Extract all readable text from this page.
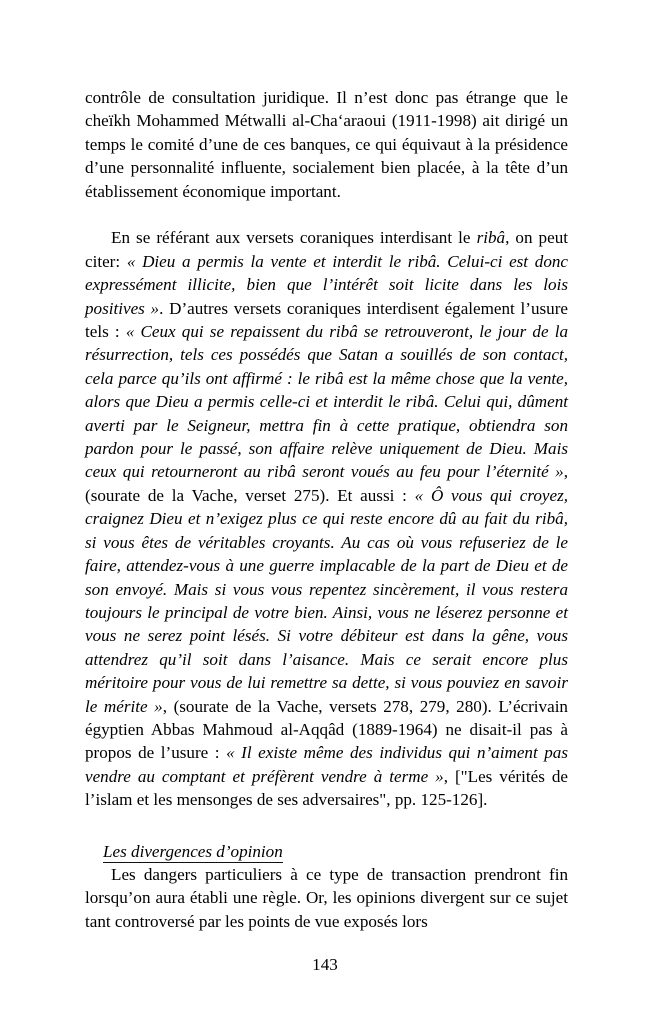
contrôle de consultation juridique. Il n’est donc pas étrange que le cheïkh Mohammed Métwalli al-Cha‘araoui (1911-1998) ait dirigé un temps le comité d’une de ces banques, ce qui équivaut à la présidence d’une personnalité influente, socialement bien placée, à la tête d’un établissement économique important.

En se référant aux versets coraniques interdisant le ribâ, on peut citer: « Dieu a permis la vente et interdit le ribâ. Celui-ci est donc expressément illicite, bien que l’intérêt soit licite dans les lois positives ». D’autres versets coraniques interdisent également l’usure tels : « Ceux qui se repaissent du ribâ se retrouveront, le jour de la résurrection, tels ces possédés que Satan a souillés de son contact, cela parce qu’ils ont affirmé : le ribâ est la même chose que la vente, alors que Dieu a permis celle-ci et interdit le ribâ. Celui qui, dûment averti par le Seigneur, mettra fin à cette pratique, obtiendra son pardon pour le passé, son affaire relève uniquement de Dieu. Mais ceux qui retourneront au ribâ seront voués au feu pour l’éternité », (sourate de la Vache, verset 275). Et aussi : « Ô vous qui croyez, craignez Dieu et n’exigez plus ce qui reste encore dû au fait du ribâ, si vous êtes de véritables croyants. Au cas où vous refuseriez de le faire, attendez-vous à une guerre implacable de la part de Dieu et de son envoyé. Mais si vous vous repentez sincèrement, il vous restera toujours le principal de votre bien. Ainsi, vous ne léserez personne et vous ne serez point lésés. Si votre débiteur est dans la gêne, vous attendrez qu’il soit dans l’aisance. Mais ce serait encore plus méritoire pour vous de lui remettre sa dette, si vous pouviez en savoir le mérite », (sourate de la Vache, versets 278, 279, 280). L’écrivain égyptien Abbas Mahmoud al-Aqqâd (1889-1964) ne disait-il pas à propos de l’usure : « Il existe même des individus qui n’aiment pas vendre au comptant et préfèrent vendre à terme », ["Les vérités de l’islam et les mensonges de ses adversaires", pp. 125-126].

Les divergences d’opinion

Les dangers particuliers à ce type de transaction prendront fin lorsqu’on aura établi une règle. Or, les opinions divergent sur ce sujet tant controversé par les points de vue exposés lors

143
